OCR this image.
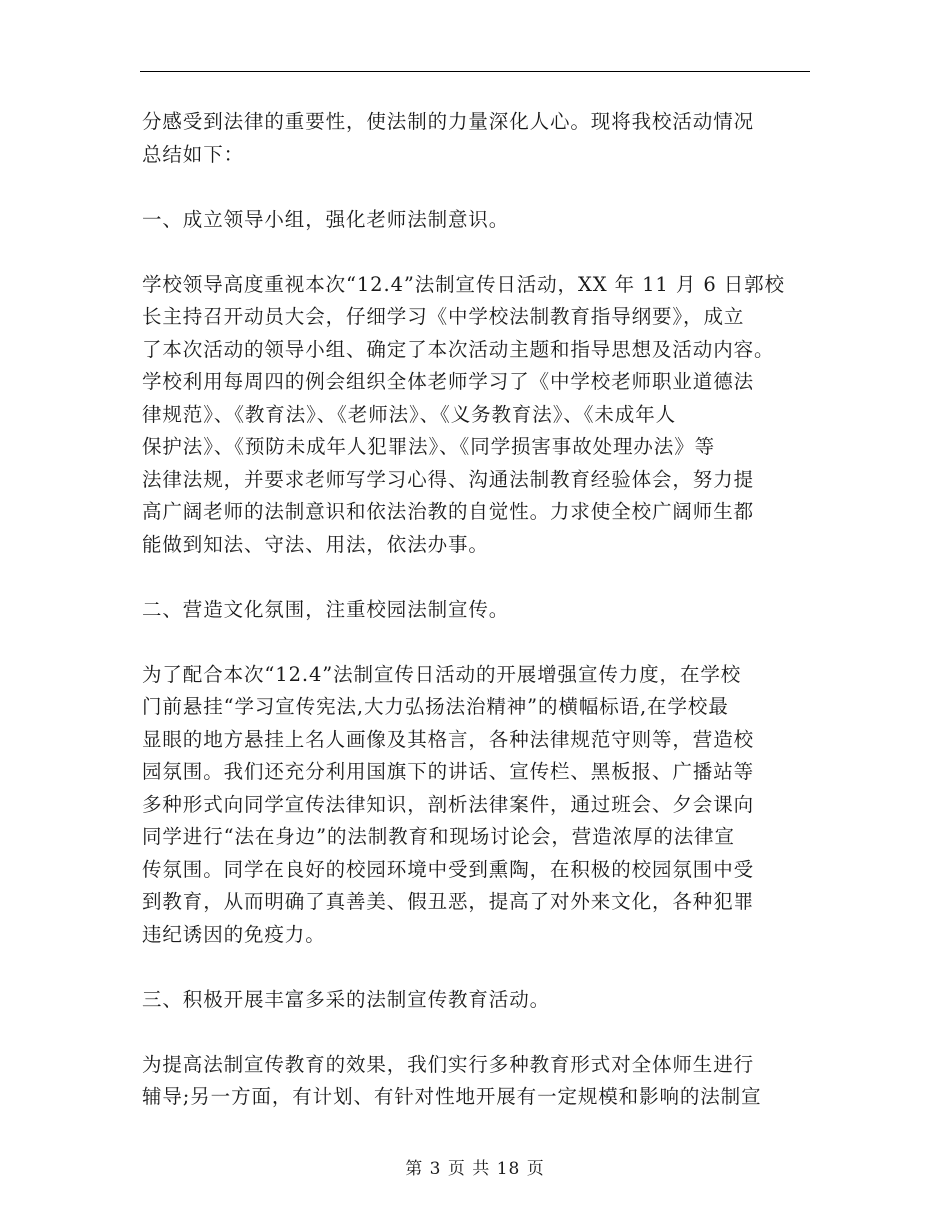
分感受到法律的重要性，使法制的力量深化人心。现将我校活动情况
总结如下：

一、成立领导小组，强化老师法制意识。

学校领导高度重视本次“12.4”法制宣传日活动，XX 年 11 月 6 日郭校
长主持召开动员大会，仔细学习《中学校法制教育指导纲要》，成立
了本次活动的领导小组、确定了本次活动主题和指导思想及活动内容。
学校利用每周四的例会组织全体老师学习了《中学校老师职业道德法
律规范》、《教育法》、《老师法》、《义务教育法》、《未成年人
保护法》、《预防未成年人犯罪法》、《同学损害事故处理办法》等
法律法规，并要求老师写学习心得、沟通法制教育经验体会，努力提
高广阔老师的法制意识和依法治教的自觉性。力求使全校广阔师生都
能做到知法、守法、用法，依法办事。

二、营造文化氛围，注重校园法制宣传。

为了配合本次“12.4”法制宣传日活动的开展增强宣传力度，在学校
门前悬挂“学习宣传宪法,大力弘扬法治精神”的横幅标语,在学校最
显眼的地方悬挂上名人画像及其格言，各种法律规范守则等，营造校
园氛围。我们还充分利用国旗下的讲话、宣传栏、黑板报、广播站等
多种形式向同学宣传法律知识，剖析法律案件，通过班会、夕会课向
同学进行“法在身边”的法制教育和现场讨论会，营造浓厚的法律宣
传氛围。同学在良好的校园环境中受到熏陶，在积极的校园氛围中受
到教育，从而明确了真善美、假丑恶，提高了对外来文化，各种犯罪
违纪诱因的免疫力。

三、积极开展丰富多采的法制宣传教育活动。

为提高法制宣传教育的效果，我们实行多种教育形式对全体师生进行
辅导;另一方面，有计划、有针对性地开展有一定规模和影响的法制宣

第 3 页 共 18 页
